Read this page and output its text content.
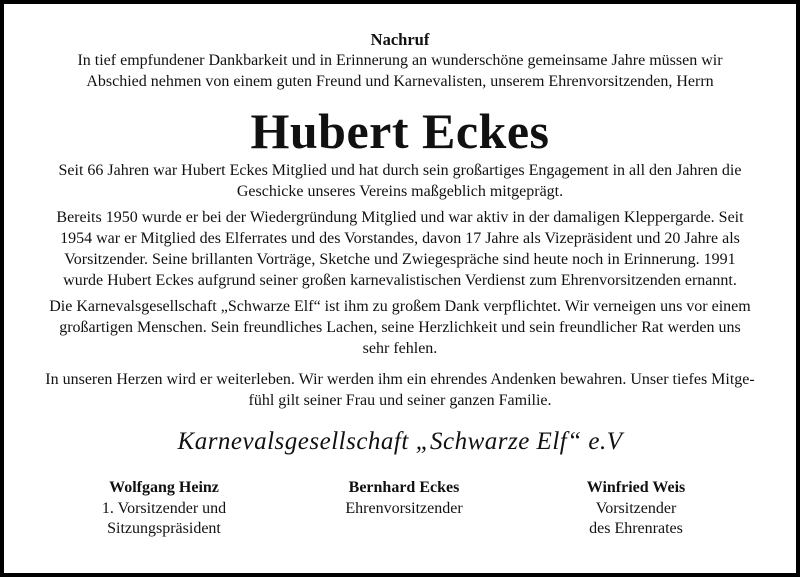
Nachruf
In tief empfundener Dankbarkeit und in Erinnerung an wunderschöne gemeinsame Jahre müssen wir
Abschied nehmen von einem guten Freund und Karnevalisten, unserem Ehrenvorsitzenden, Herrn
Hubert Eckes
Seit 66 Jahren war Hubert Eckes Mitglied und hat durch sein großartiges Engagement in all den Jahren die
Geschicke unseres Vereins maßgeblich mitgeprägt.
Bereits 1950 wurde er bei der Wiedergründung Mitglied und war aktiv in der damaligen Kleppergarde. Seit
1954 war er Mitglied des Elferrates und des Vorstandes, davon 17 Jahre als Vizepräsident und 20 Jahre als
Vorsitzender. Seine brillanten Vorträge, Sketche und Zwiegespräche sind heute noch in Erinnerung. 1991
wurde Hubert Eckes aufgrund seiner großen karnevalistischen Verdienst zum Ehrenvorsitzenden ernannt.
Die Karnevalsgesellschaft „Schwarze Elf“ ist ihm zu großem Dank verpflichtet. Wir verneigen uns vor einem
großartigen Menschen. Sein freundliches Lachen, seine Herzlichkeit und sein freundlicher Rat werden uns
sehr fehlen.
In unseren Herzen wird er weiterleben. Wir werden ihm ein ehrendes Andenken bewahren. Unser tiefes Mitge-
fühl gilt seiner Frau und seiner ganzen Familie.
Karnevalsgesellschaft „Schwarze Elf“ e.V
Wolfgang Heinz
1. Vorsitzender und
Sitzungspräsident
Bernhard Eckes
Ehrenvorsitzender
Winfried Weis
Vorsitzender
des Ehrenrates
